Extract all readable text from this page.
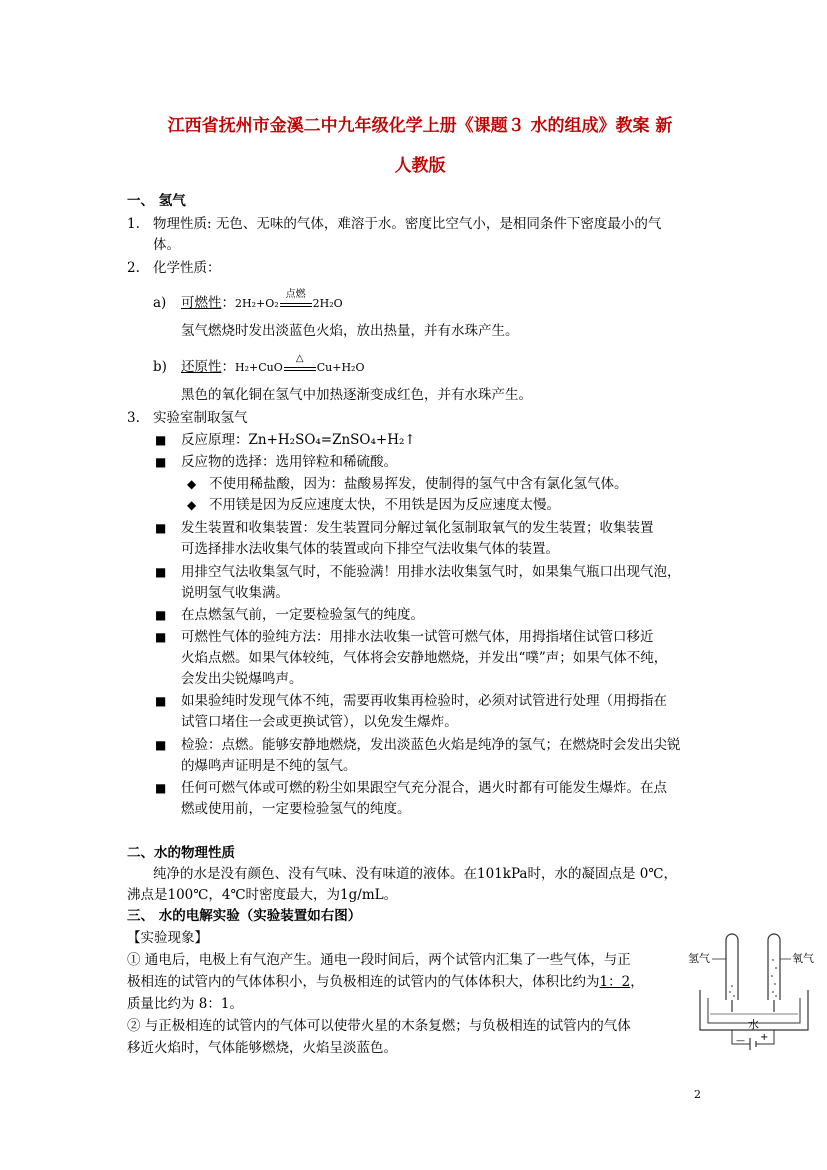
江西省抚州市金溪二中九年级化学上册《课题３ 水的组成》教案 新
人教版
一、 氢气
1. 物理性质: 无色、无味的气体，难溶于水。密度比空气小，是相同条件下密度最小的气
体。
2. 化学性质：
a) 可燃性：2H₂+O₂
点燃
2H₂O
氢气燃烧时发出淡蓝色火焰，放出热量，并有水珠产生。
b) 还原性：H₂+CuO
△
Cu+H₂O
黑色的氧化铜在氢气中加热逐渐变成红色，并有水珠产生。
3. 实验室制取氢气
■ 反应原理：Zn+H₂SO₄=ZnSO₄+H₂↑
■ 反应物的选择：选用锌粒和稀硫酸。
◆ 不使用稀盐酸，因为：盐酸易挥发，使制得的氢气中含有氯化氢气体。
◆ 不用镁是因为反应速度太快，不用铁是因为反应速度太慢。
■ 发生装置和收集装置：发生装置同分解过氧化氢制取氧气的发生装置；收集装置
可选择排水法收集气体的装置或向下排空气法收集气体的装置。
■ 用排空气法收集氢气时，不能验满！用排水法收集氢气时，如果集气瓶口出现气泡，
说明氢气收集满。
■ 在点燃氢气前，一定要检验氢气的纯度。
■ 可燃性气体的验纯方法：用排水法收集一试管可燃气体，用拇指堵住试管口移近
火焰点燃。如果气体较纯，气体将会安静地燃烧，并发出“噗”声；如果气体不纯，
会发出尖锐爆鸣声。
■ 如果验纯时发现气体不纯，需要再收集再检验时，必须对试管进行处理（用拇指在
试管口堵住一会或更换试管），以免发生爆炸。
■ 检验：点燃。能够安静地燃烧，发出淡蓝色火焰是纯净的氢气；在燃烧时会发出尖锐
的爆鸣声证明是不纯的氢气。
■ 任何可燃气体或可燃的粉尘如果跟空气充分混合，遇火时都有可能发生爆炸。在点
燃或使用前，一定要检验氢气的纯度。
二、水的物理性质
纯净的水是没有颜色、没有气味、没有味道的液体。在101kPa时，水的凝固点是 0℃，
沸点是100℃，4℃时密度最大，为1g/mL。
三、 水的电解实验（实验装置如右图）
【实验现象】
① 通电后，电极上有气泡产生。通电一段时间后，两个试管内汇集了一些气体，与正
极相连的试管内的气体体积小，与负极相连的试管内的气体体积大，体积比约为1：2，
质量比约为 8：1。
② 与正极相连的试管内的气体可以使带火星的木条复燃；与负极相连的试管内的气体
移近火焰时，气体能够燃烧，火焰呈淡蓝色。
氢气	氧气
水
— +
2
